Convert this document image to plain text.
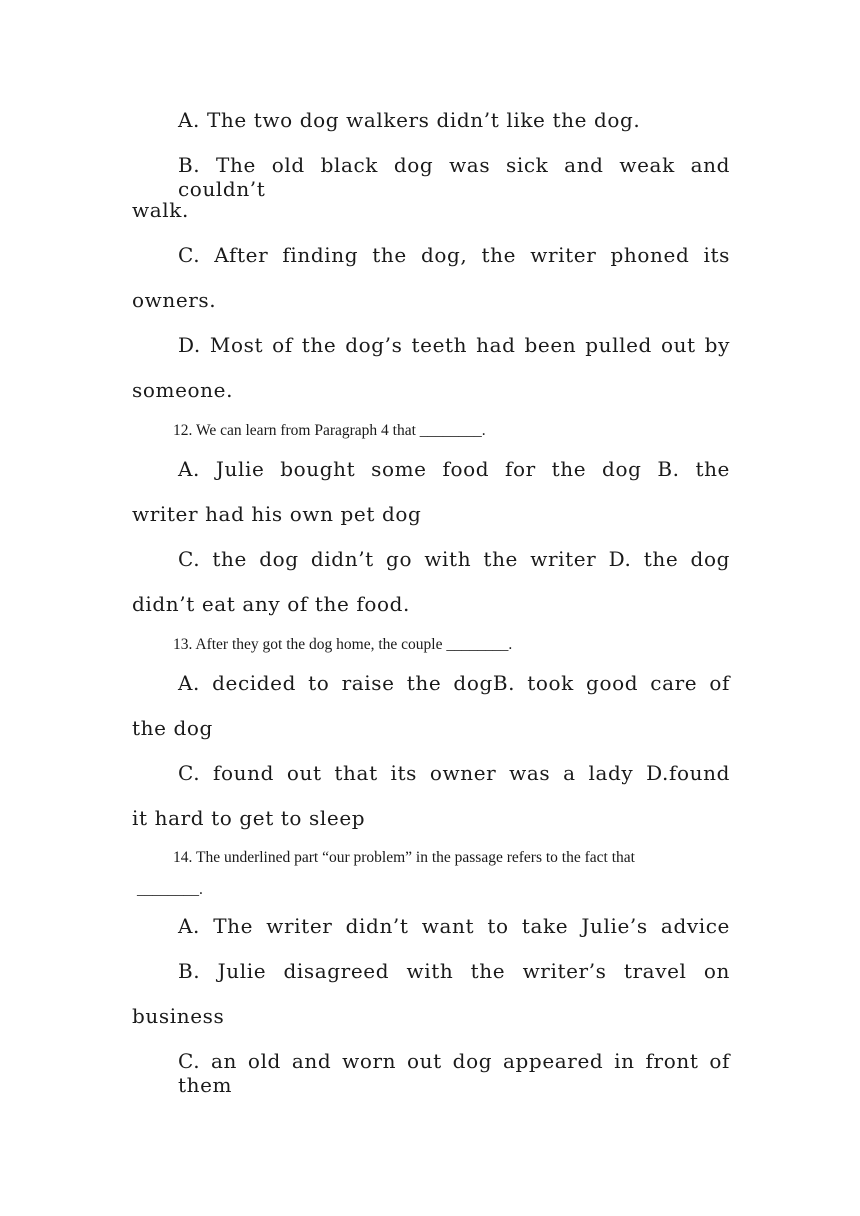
A. The two dog walkers didn’t like the dog.
B. The old black dog was sick and weak and couldn’t
walk.
C. After finding the dog, the writer phoned its
owners.
D. Most of the dog’s teeth had been pulled out by
someone.
12. We can learn from Paragraph 4 that ________.
A. Julie bought some food for the dog B. the
writer had his own pet dog
C. the dog didn’t go with the writer D. the dog
didn’t eat any of the food.
13. After they got the dog home, the couple ________.
A. decided to raise the dogB. took good care of
the dog
C. found out that its owner was a lady D.found
it hard to get to sleep
14. The underlined part “our problem” in the passage refers to the fact that
________.
A. The writer didn’t want to take Julie’s advice
B. Julie disagreed with the writer’s travel on
business
C. an old and worn out dog appeared in front of them
